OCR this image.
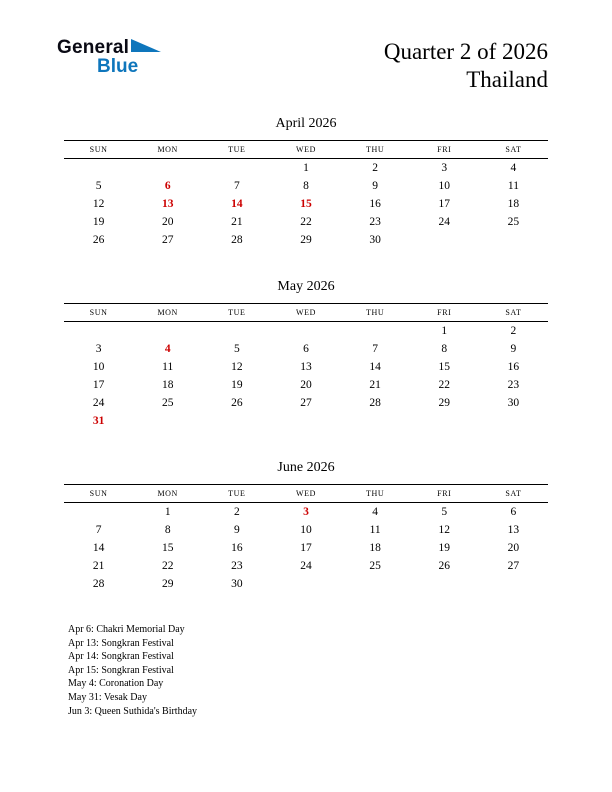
General
Blue
Quarter 2 of 2026
Thailand
April 2026
SUN	MON	TUE	WED	THU	FRI	SAT
			1	2	3	4
5	6	7	8	9	10	11
12	13	14	15	16	17	18
19	20	21	22	23	24	25
26	27	28	29	30		
May 2026
SUN	MON	TUE	WED	THU	FRI	SAT
					1	2
3	4	5	6	7	8	9
10	11	12	13	14	15	16
17	18	19	20	21	22	23
24	25	26	27	28	29	30
31						
June 2026
SUN	MON	TUE	WED	THU	FRI	SAT
	1	2	3	4	5	6
7	8	9	10	11	12	13
14	15	16	17	18	19	20
21	22	23	24	25	26	27
28	29	30				
Apr 6: Chakri Memorial Day
Apr 13: Songkran Festival
Apr 14: Songkran Festival
Apr 15: Songkran Festival
May 4: Coronation Day
May 31: Vesak Day
Jun 3: Queen Suthida's Birthday
